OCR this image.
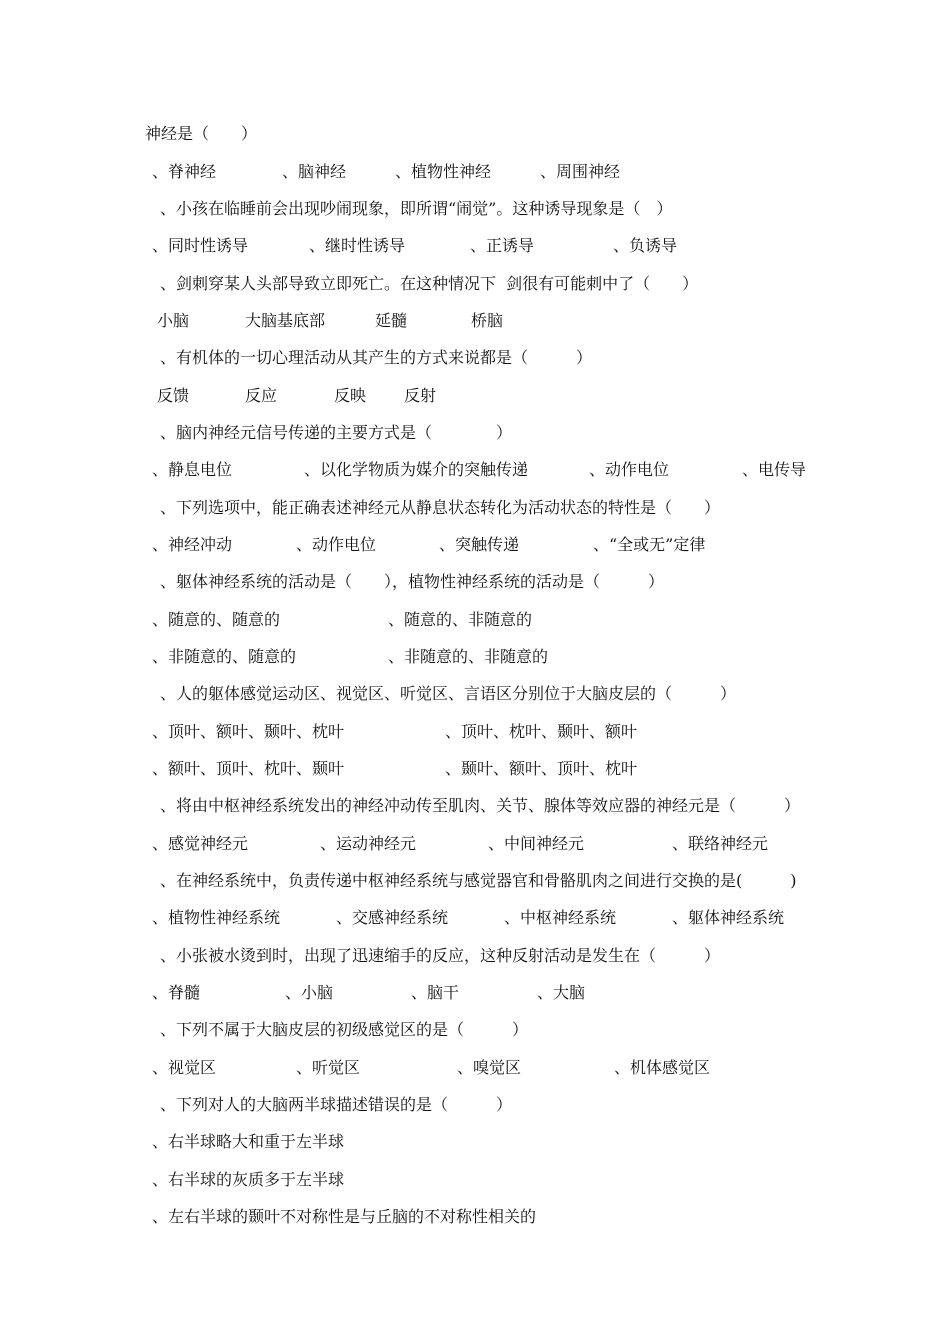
神经是（　　）

、脊神经

	、脑神经

	、植物性神经

	、周围神经

、小孩在临睡前会出现吵闹现象，即所谓“闹觉”。这种诱导现象是（　）

、同时性诱导

	、继时性诱导

	、正诱导

	、负诱导

、剑刺穿某人头部导致立即死亡。在这种情况下  剑很有可能刺中了（　　）

小脑

	大脑基底部

	延髓

	桥脑

、有机体的一切心理活动从其产生的方式来说都是（　　　）

反馈

	反应

	反映

反射

、脑内神经元信号传递的主要方式是（　　　　）

、静息电位

	、以化学物质为媒介的突触传递

	、动作电位

	、电传导

、下列选项中，能正确表述神经元从静息状态转化为活动状态的特性是（　　）

、神经冲动

	、动作电位

	、突触传递

	、“全或无”定律

、躯体神经系统的活动是（　　），植物性神经系统的活动是（　　　）

、随意的、随意的

	、随意的、非随意的

、非随意的、随意的

	、非随意的、非随意的

、人的躯体感觉运动区、视觉区、听觉区、言语区分别位于大脑皮层的（　　　）

、顶叶、额叶、颞叶、枕叶

	、顶叶、枕叶、颞叶、额叶

、额叶、顶叶、枕叶、颞叶

	、颞叶、额叶、顶叶、枕叶

、将由中枢神经系统发出的神经冲动传至肌肉、关节、腺体等效应器的神经元是（　　　）

、感觉神经元

	、运动神经元

	、中间神经元

	、联络神经元

、在神经系统中，负责传递中枢神经系统与感觉器官和骨骼肌肉之间进行交换的是(　　　)

、植物性神经系统

	、交感神经系统

	、中枢神经系统

	、躯体神经系统

、小张被水烫到时，出现了迅速缩手的反应，这种反射活动是发生在（　　　）

、脊髓

	、小脑

	、脑干

	、大脑

、下列不属于大脑皮层的初级感觉区的是（　　　）

、视觉区

	、听觉区

	、嗅觉区

	、机体感觉区

、下列对人的大脑两半球描述错误的是（　　　）

、右半球略大和重于左半球

、右半球的灰质多于左半球

、左右半球的颞叶不对称性是与丘脑的不对称性相关的
